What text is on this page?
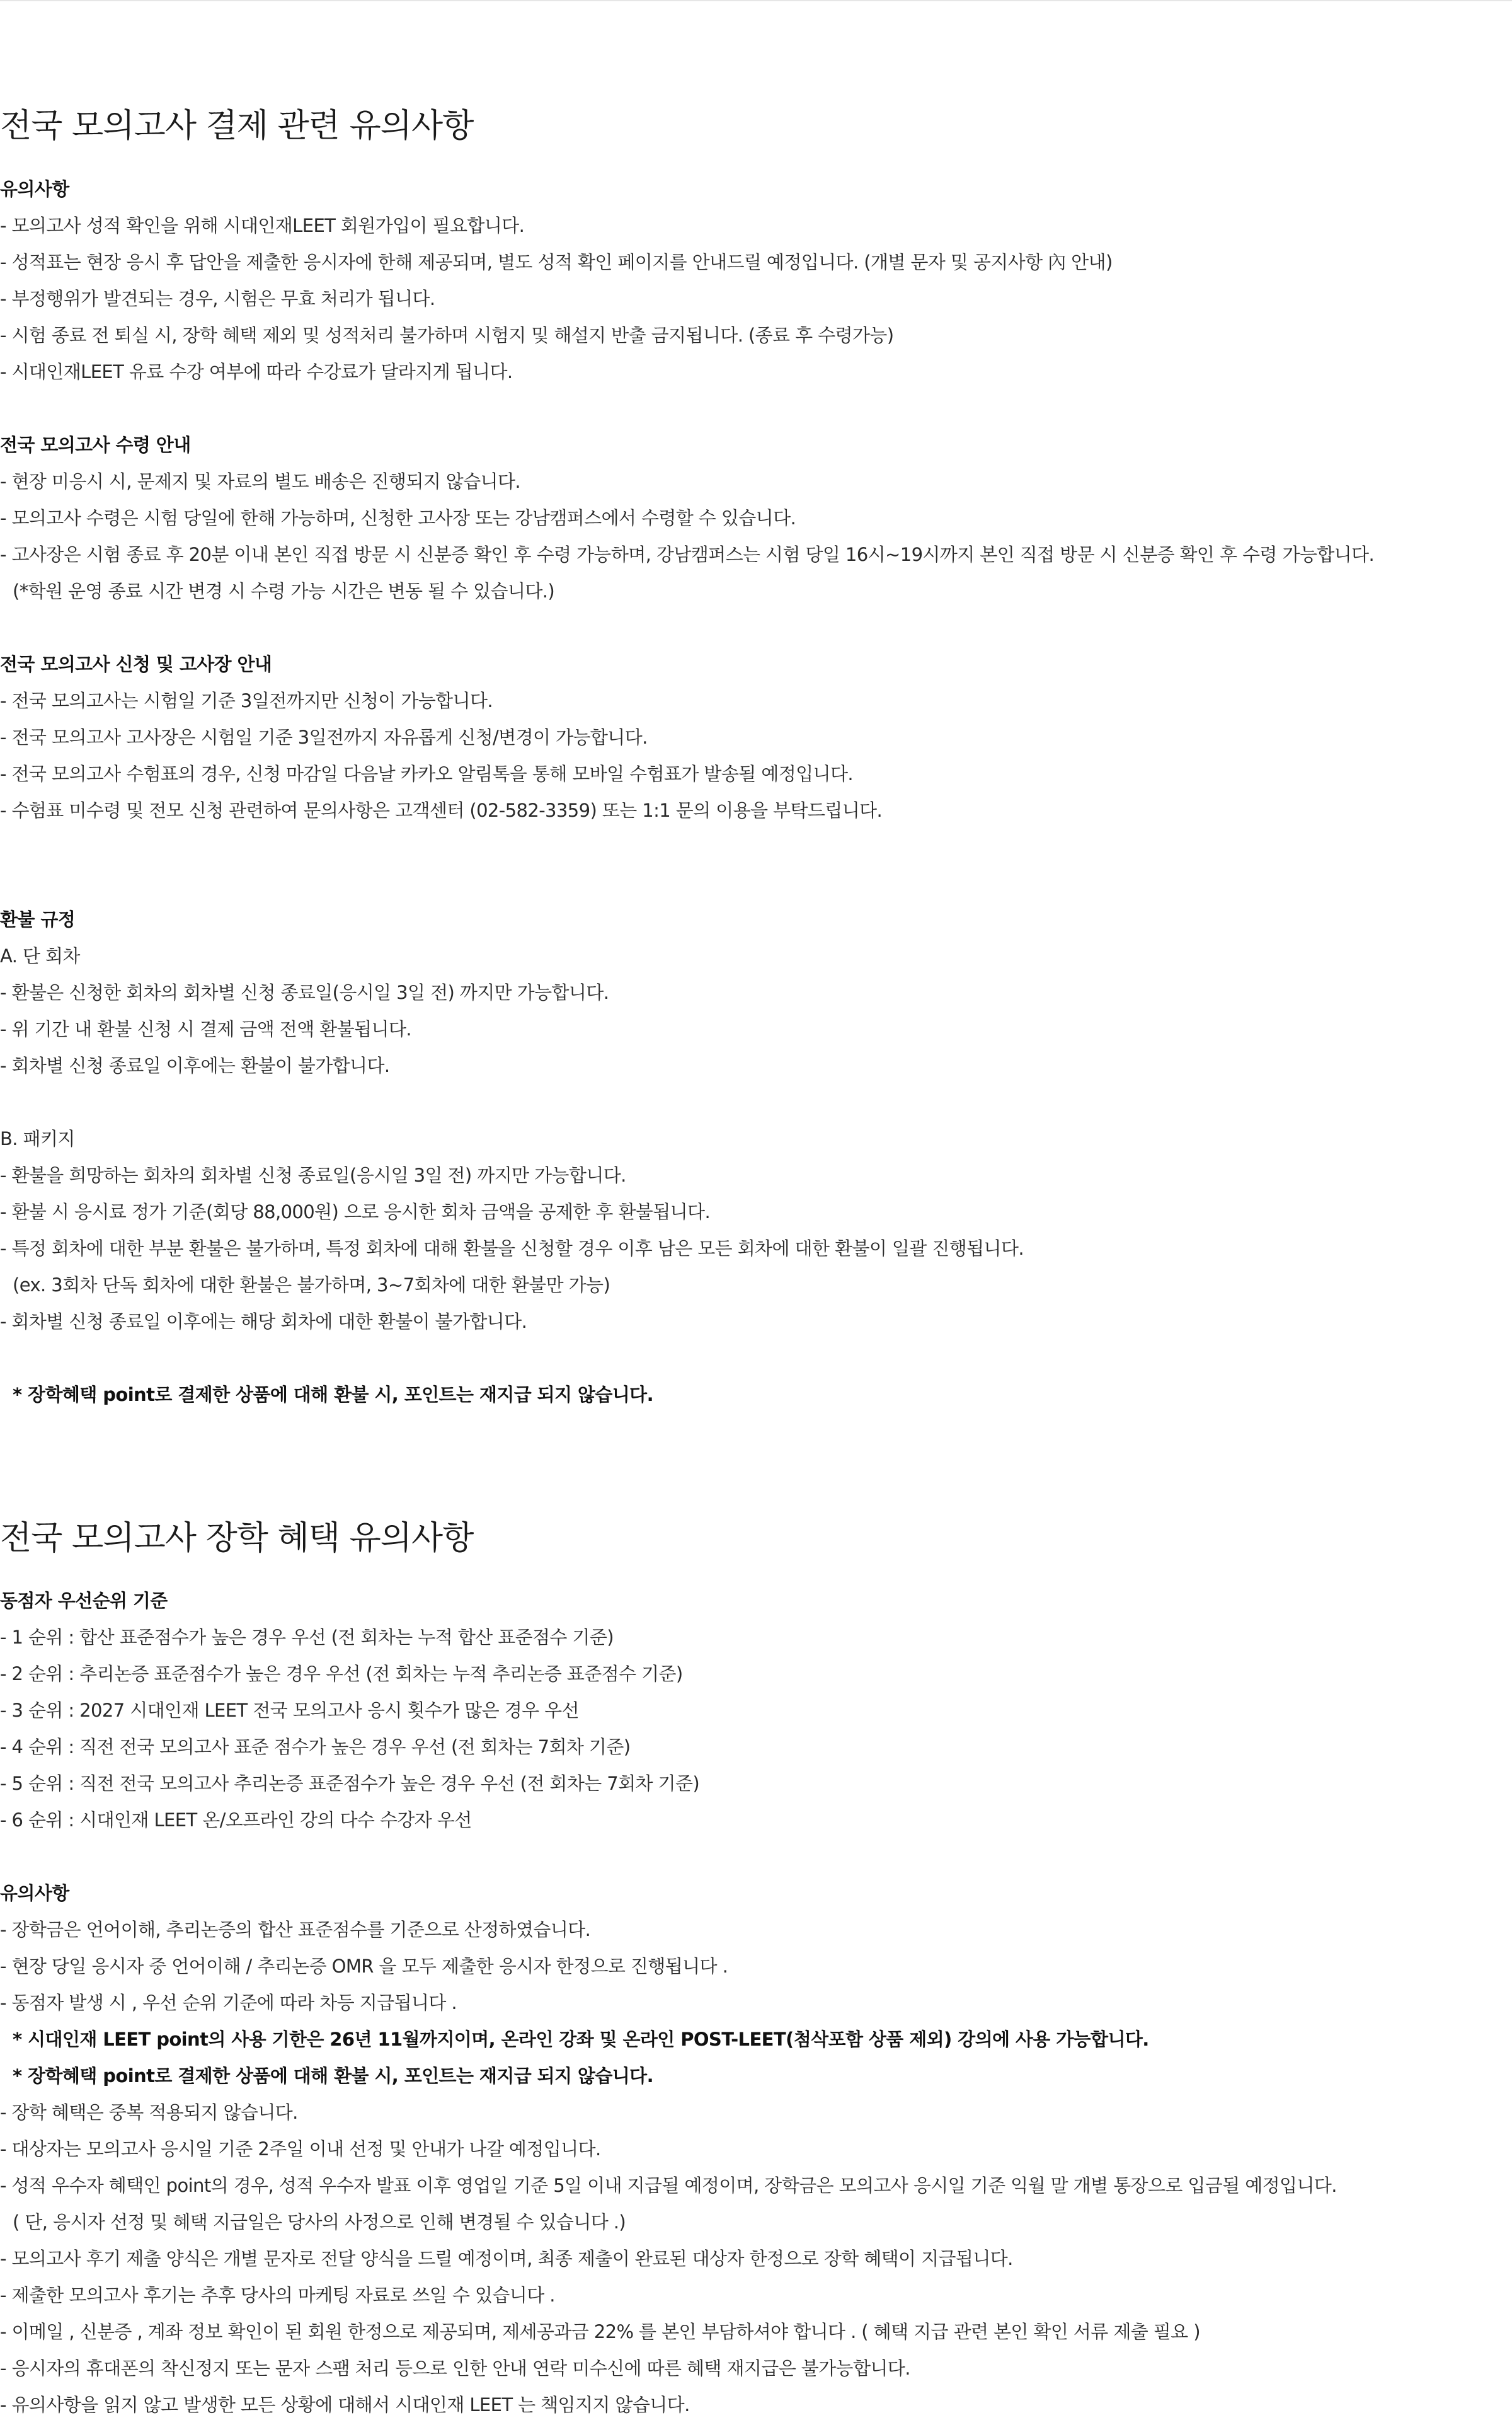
전국 모의고사 결제 관련 유의사항
유의사항
- 모의고사 성적 확인을 위해 시대인재LEET 회원가입이 필요합니다.
- 성적표는 현장 응시 후 답안을 제출한 응시자에 한해 제공되며, 별도 성적 확인 페이지를 안내드릴 예정입니다. (개별 문자 및 공지사항 內 안내)
- 부정행위가 발견되는 경우, 시험은 무효 처리가 됩니다.
- 시험 종료 전 퇴실 시, 장학 혜택 제외 및 성적처리 불가하며 시험지 및 해설지 반출 금지됩니다. (종료 후 수령가능)
- 시대인재LEET 유료 수강 여부에 따라 수강료가 달라지게 됩니다.
전국 모의고사 수령 안내
- 현장 미응시 시, 문제지 및 자료의 별도 배송은 진행되지 않습니다.
- 모의고사 수령은 시험 당일에 한해 가능하며, 신청한 고사장 또는 강남캠퍼스에서 수령할 수 있습니다.
- 고사장은 시험 종료 후 20분 이내 본인 직접 방문 시 신분증 확인 후 수령 가능하며, 강남캠퍼스는 시험 당일 16시~19시까지 본인 직접 방문 시 신분증 확인 후 수령 가능합니다.
(*학원 운영 종료 시간 변경 시 수령 가능 시간은 변동 될 수 있습니다.)
전국 모의고사 신청 및 고사장 안내
- 전국 모의고사는 시험일 기준 3일전까지만 신청이 가능합니다.
- 전국 모의고사 고사장은 시험일 기준 3일전까지 자유롭게 신청/변경이 가능합니다.
- 전국 모의고사 수험표의 경우, 신청 마감일 다음날 카카오 알림톡을 통해 모바일 수험표가 발송될 예정입니다.
- 수험표 미수령 및 전모 신청 관련하여 문의사항은 고객센터 (02-582-3359) 또는 1:1 문의 이용을 부탁드립니다.
환불 규정
A. 단 회차
- 환불은 신청한 회차의 회차별 신청 종료일(응시일 3일 전) 까지만 가능합니다.
- 위 기간 내 환불 신청 시 결제 금액 전액 환불됩니다.
- 회차별 신청 종료일 이후에는 환불이 불가합니다.
B. 패키지
- 환불을 희망하는 회차의 회차별 신청 종료일(응시일 3일 전) 까지만 가능합니다.
- 환불 시 응시료 정가 기준(회당 88,000원) 으로 응시한 회차 금액을 공제한 후 환불됩니다.
- 특정 회차에 대한 부분 환불은 불가하며, 특정 회차에 대해 환불을 신청할 경우 이후 남은 모든 회차에 대한 환불이 일괄 진행됩니다.
(ex. 3회차 단독 회차에 대한 환불은 불가하며, 3~7회차에 대한 환불만 가능)
- 회차별 신청 종료일 이후에는 해당 회차에 대한 환불이 불가합니다.
* 장학혜택 point로 결제한 상품에 대해 환불 시, 포인트는 재지급 되지 않습니다.
전국 모의고사 장학 혜택 유의사항
동점자 우선순위 기준
- 1 순위 : 합산 표준점수가 높은 경우 우선 (전 회차는 누적 합산 표준점수 기준)
- 2 순위 : 추리논증 표준점수가 높은 경우 우선 (전 회차는 누적 추리논증 표준점수 기준)
- 3 순위 : 2027 시대인재 LEET 전국 모의고사 응시 횟수가 많은 경우 우선
- 4 순위 : 직전 전국 모의고사 표준 점수가 높은 경우 우선 (전 회차는 7회차 기준)
- 5 순위 : 직전 전국 모의고사 추리논증 표준점수가 높은 경우 우선 (전 회차는 7회차 기준)
- 6 순위 : 시대인재 LEET 온/오프라인 강의 다수 수강자 우선
유의사항
- 장학금은 언어이해, 추리논증의 합산 표준점수를 기준으로 산정하였습니다.
- 현장 당일 응시자 중 언어이해 / 추리논증 OMR 을 모두 제출한 응시자 한정으로 진행됩니다 .
- 동점자 발생 시 , 우선 순위 기준에 따라 차등 지급됩니다 .
* 시대인재 LEET point의 사용 기한은 26년 11월까지이며, 온라인 강좌 및 온라인 POST-LEET(첨삭포함 상품 제외) 강의에 사용 가능합니다.
* 장학혜택 point로 결제한 상품에 대해 환불 시, 포인트는 재지급 되지 않습니다.
- 장학 혜택은 중복 적용되지 않습니다.
- 대상자는 모의고사 응시일 기준 2주일 이내 선정 및 안내가 나갈 예정입니다.
- 성적 우수자 혜택인 point의 경우, 성적 우수자 발표 이후 영업일 기준 5일 이내 지급될 예정이며, 장학금은 모의고사 응시일 기준 익월 말 개별 통장으로 입금될 예정입니다.
( 단, 응시자 선정 및 혜택 지급일은 당사의 사정으로 인해 변경될 수 있습니다 .)
- 모의고사 후기 제출 양식은 개별 문자로 전달 양식을 드릴 예정이며, 최종 제출이 완료된 대상자 한정으로 장학 혜택이 지급됩니다.
- 제출한 모의고사 후기는 추후 당사의 마케팅 자료로 쓰일 수 있습니다 .
- 이메일 , 신분증 , 계좌 정보 확인이 된 회원 한정으로 제공되며, 제세공과금 22% 를 본인 부담하셔야 합니다 . ( 혜택 지급 관련 본인 확인 서류 제출 필요 )
- 응시자의 휴대폰의 착신정지 또는 문자 스팸 처리 등으로 인한 안내 연락 미수신에 따른 혜택 재지급은 불가능합니다.
- 유의사항을 읽지 않고 발생한 모든 상황에 대해서 시대인재 LEET 는 책임지지 않습니다.
